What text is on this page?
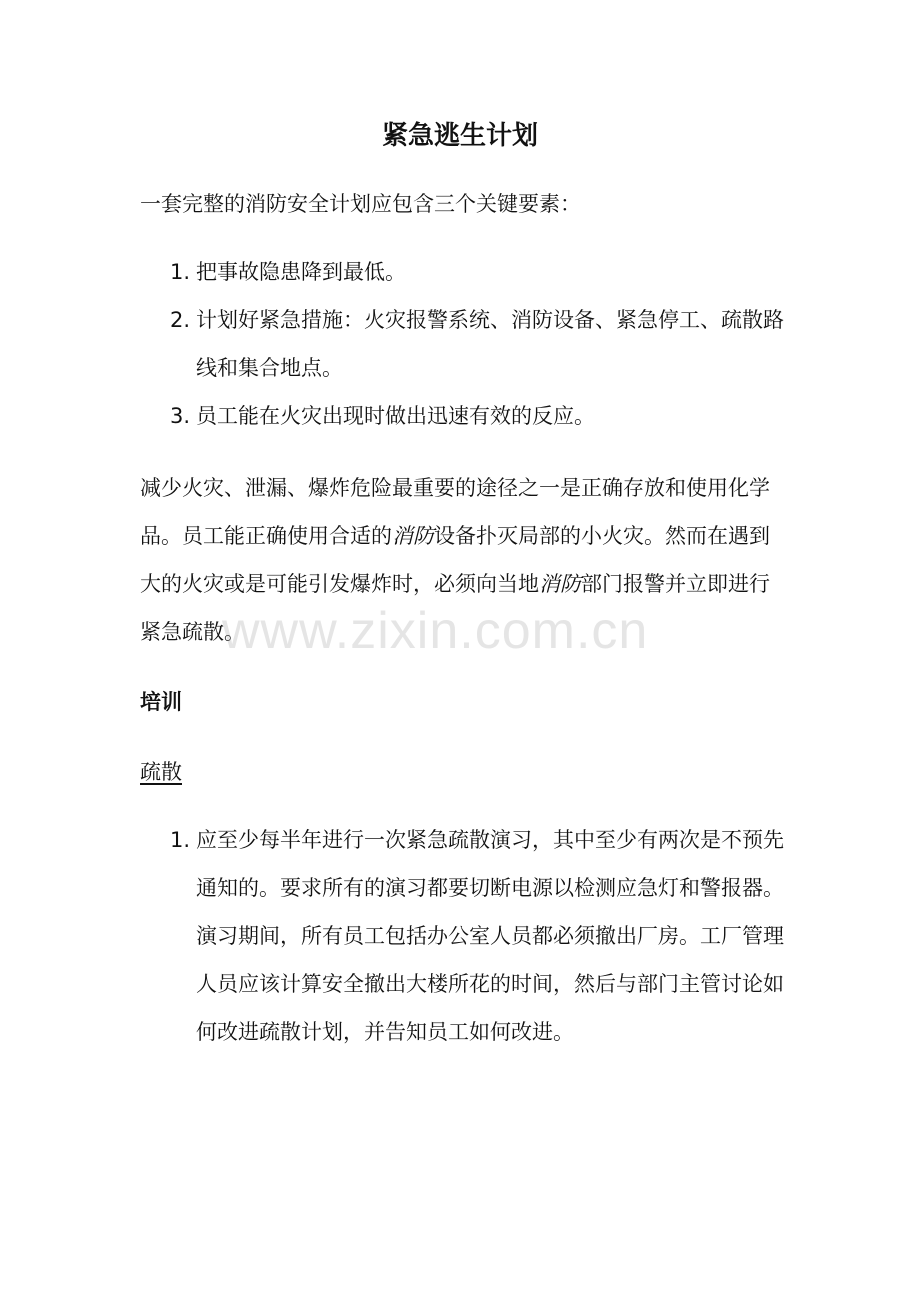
紧急逃生计划

一套完整的消防安全计划应包含三个关键要素：

1. 把事故隐患降到最低。
2. 计划好紧急措施：火灾报警系统、消防设备、紧急停工、疏散路线和集合地点。
3. 员工能在火灾出现时做出迅速有效的反应。

减少火灾、泄漏、爆炸危险最重要的途径之一是正确存放和使用化学品。员工能正确使用合适的消防设备扑灭局部的小火灾。然而在遇到大的火灾或是可能引发爆炸时，必须向当地消防部门报警并立即进行紧急疏散。

培训
疏散
1. 应至少每半年进行一次紧急疏散演习，其中至少有两次是不预先通知的。要求所有的演习都要切断电源以检测应急灯和警报器。演习期间，所有员工包括办公室人员都必须撤出厂房。工厂管理人员应该计算安全撤出大楼所花的时间，然后与部门主管讨论如何改进疏散计划，并告知员工如何改进。
www.zixin.com.cn
